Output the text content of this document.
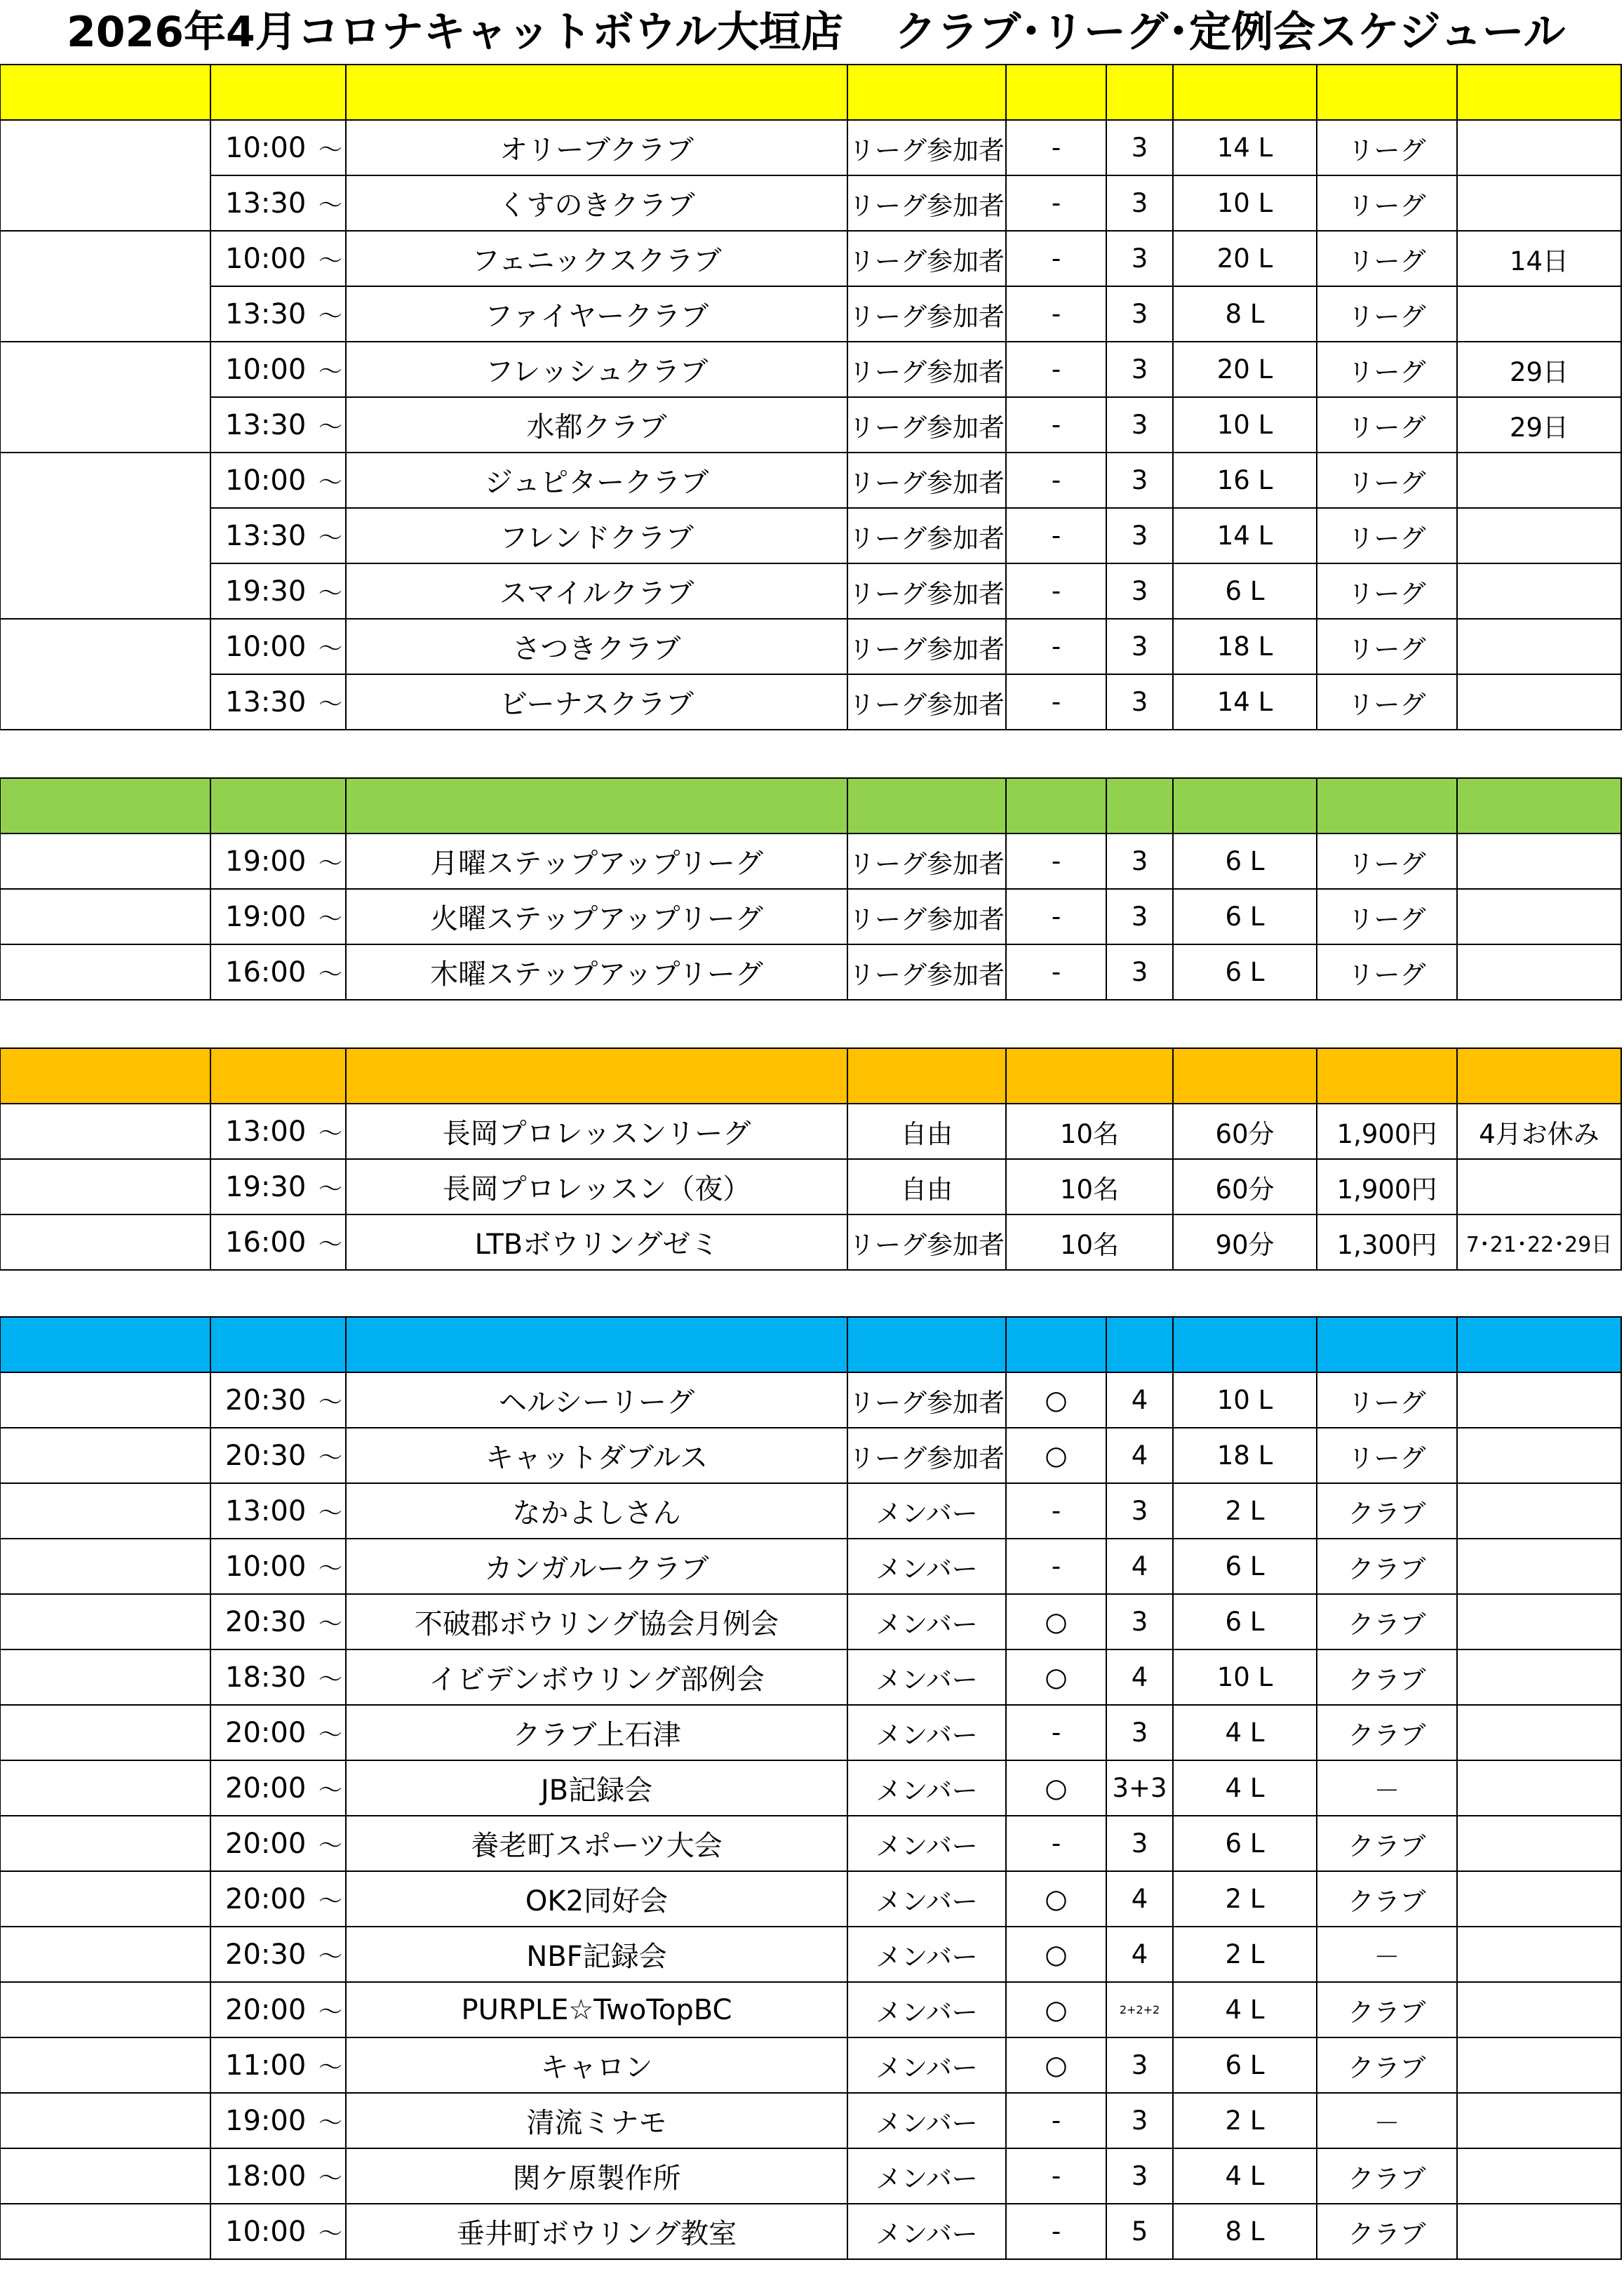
2026年4月コロナキャットボウル大垣店 クラブ･リーグ･定例会スケジュール
10:00 ～	オリーブクラブ	リーグ参加者	-	3	14 L	リーグ
13:30 ～	くすのきクラブ	リーグ参加者	-	3	10 L	リーグ
10:00 ～	フェニックスクラブ	リーグ参加者	-	3	20 L	リーグ	14日
13:30 ～	ファイヤークラブ	リーグ参加者	-	3	8 L	リーグ
10:00 ～	フレッシュクラブ	リーグ参加者	-	3	20 L	リーグ	29日
13:30 ～	水都クラブ	リーグ参加者	-	3	10 L	リーグ	29日
10:00 ～	ジュピタークラブ	リーグ参加者	-	3	16 L	リーグ
13:30 ～	フレンドクラブ	リーグ参加者	-	3	14 L	リーグ
19:30 ～	スマイルクラブ	リーグ参加者	-	3	6 L	リーグ
10:00 ～	さつきクラブ	リーグ参加者	-	3	18 L	リーグ
13:30 ～	ビーナスクラブ	リーグ参加者	-	3	14 L	リーグ
19:00 ～	月曜ステップアップリーグ	リーグ参加者	-	3	6 L	リーグ
19:00 ～	火曜ステップアップリーグ	リーグ参加者	-	3	6 L	リーグ
16:00 ～	木曜ステップアップリーグ	リーグ参加者	-	3	6 L	リーグ
13:00 ～	長岡プロレッスンリーグ	自由	10名	60分	1,900円	4月お休み
19:30 ～	長岡プロレッスン（夜）	自由	10名	60分	1,900円
16:00 ～	LTBボウリングゼミ	リーグ参加者	10名	90分	1,300円	7･21･22･29日
20:30 ～	ヘルシーリーグ	リーグ参加者	○	4	10 L	リーグ
20:30 ～	キャットダブルス	リーグ参加者	○	4	18 L	リーグ
13:00 ～	なかよしさん	メンバー	-	3	2 L	クラブ
10:00 ～	カンガルークラブ	メンバー	-	4	6 L	クラブ
20:30 ～	不破郡ボウリング協会月例会	メンバー	○	3	6 L	クラブ
18:30 ～	イビデンボウリング部例会	メンバー	○	4	10 L	クラブ
20:00 ～	クラブ上石津	メンバー	-	3	4 L	クラブ
20:00 ～	JB記録会	メンバー	○	3+3	4 L	－
20:00 ～	養老町スポーツ大会	メンバー	-	3	6 L	クラブ
20:00 ～	OK2同好会	メンバー	○	4	2 L	クラブ
20:30 ～	NBF記録会	メンバー	○	4	2 L	－
20:00 ～	PURPLE☆TwoTopBC	メンバー	○	2+2+2	4 L	クラブ
11:00 ～	キャロン	メンバー	○	3	6 L	クラブ
19:00 ～	清流ミナモ	メンバー	-	3	2 L	－
18:00 ～	関ケ原製作所	メンバー	-	3	4 L	クラブ
10:00 ～	垂井町ボウリング教室	メンバー	-	5	8 L	クラブ
